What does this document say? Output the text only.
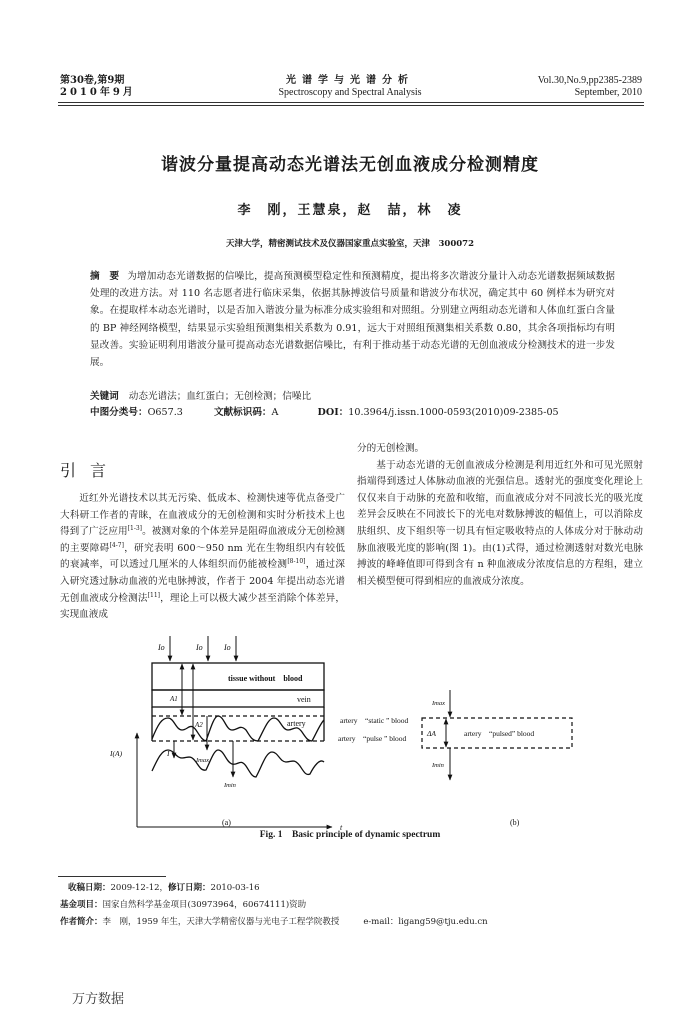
第30卷,第9期
2010年9月
光谱学与光谱分析
Spectroscopy and Spectral Analysis
Vol.30,No.9,pp2385-2389
September, 2010
谐波分量提高动态光谱法无创血液成分检测精度
李　刚，王慧泉，赵　喆，林　凌
天津大学，精密测试技术及仪器国家重点实验室，天津　300072
摘　要 为增加动态光谱数据的信噪比，提高预测模型稳定性和预测精度，提出将多次谐波分量计入动态光谱数据频域数据处理的改进方法。对 110 名志愿者进行临床采集，依据其脉搏波信号质量和谐波分布状况，确定其中 60 例样本为研究对象。在提取样本动态光谱时，以是否加入谐波分量为标准分成实验组和对照组。分别建立两组动态光谱和人体血红蛋白含量的 BP 神经网络模型，结果显示实验组预测集相关系数为 0.91，远大于对照组预测集相关系数 0.80，其余各项指标均有明显改善。实验证明利用谐波分量可提高动态光谱数据信噪比，有利于推动基于动态光谱的无创血液成分检测技术的进一步发展。
关键词 动态光谱法；血红蛋白；无创检测；信噪比
中图分类号：O657.3	文献标识码：A	DOI：10.3964/j.issn.1000-0593(2010)09-2385-05
引言
近红外光谱技术以其无污染、低成本、检测快速等优点备受广大科研工作者的青睐，在血液成分的无创检测和实时分析技术上也得到了广泛应用[1-3]。被测对象的个体差异是阻碍血液成分无创检测的主要障碍[4-7]，研究表明 600～950 nm 光在生物组织内有较低的衰减率，可以透过几厘米的人体组织而仍能被检测[8-10]，通过深入研究透过脉动血液的光电脉搏波，作者于 2004 年提出动态光谱无创血液成分检测法[11]，理论上可以极大减少甚至消除个体差异，实现血液成
分的无创检测。
基于动态光谱的无创血液成分检测是利用近红外和可见光照射指端得到透过人体脉动血液的光强信息。透射光的强度变化理论上仅仅来自于动脉的充盈和收缩，而血液成分对不同波长光的吸光度差异会反映在不同波长下的光电对数脉搏波的幅值上，可以消除皮肤组织、皮下组织等一切具有恒定吸收特点的人体成分对于脉动动脉血液吸光度的影响(图 1)。由(1)式得，通过检测透射对数光电脉搏波的峰峰值即可得到含有 n 种血液成分浓度信息的方程组，建立相关模型便可得到相应的血液成分浓度。
Io	Io	Io
tissue without　blood
vein
artery
A1
A2
I(A)
t
I
Imax
Imin
(a)
artery　“static ” blood
artery　“pulse ” blood
Imax
ΔA	artery　“pulsed” blood
Imin
(b)
Fig. 1　Basic principle of dynamic spectrum
收稿日期：2009-12-12，修订日期：2010-03-16
基金项目：国家自然科学基金项目(30973964，60674111)资助
作者简介：李　刚，1959 年生，天津大学精密仪器与光电子工程学院教授	e-mail：ligang59@tju.edu.cn
万方数据
